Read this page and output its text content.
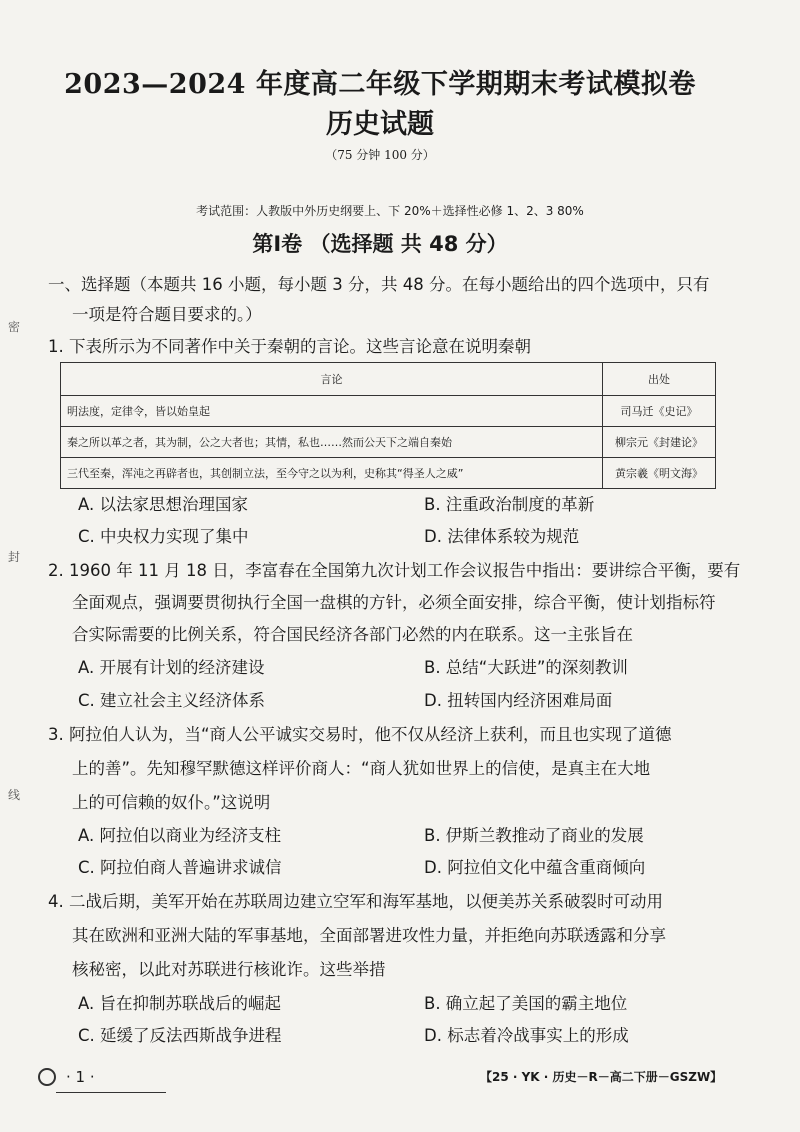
密
封
线
2023—2024 年度高二年级下学期期末考试模拟卷
历史试题
（75 分钟 100 分）
考试范围：人教版中外历史纲要上、下 20%＋选择性必修 1、2、3 80%
第Ⅰ卷 （选择题 共 48 分）
一、选择题（本题共 16 小题，每小题 3 分，共 48 分。在每小题给出的四个选项中，只有
一项是符合题目要求的。）
1. 下表所示为不同著作中关于秦朝的言论。这些言论意在说明秦朝
言论	出处
明法度，定律令，皆以始皇起	司马迁《史记》
秦之所以革之者，其为制，公之大者也；其情，私也……然而公天下之端自秦始	柳宗元《封建论》
三代至秦，浑沌之再辟者也，其创制立法，至今守之以为利，史称其“得圣人之威”	黄宗羲《明文海》
A. 以法家思想治理国家	B. 注重政治制度的革新
C. 中央权力实现了集中	D. 法律体系较为规范
2. 1960 年 11 月 18 日，李富春在全国第九次计划工作会议报告中指出：要讲综合平衡，要有
全面观点，强调要贯彻执行全国一盘棋的方针，必须全面安排，综合平衡，使计划指标符
合实际需要的比例关系，符合国民经济各部门必然的内在联系。这一主张旨在
A. 开展有计划的经济建设	B. 总结“大跃进”的深刻教训
C. 建立社会主义经济体系	D. 扭转国内经济困难局面
3. 阿拉伯人认为，当“商人公平诚实交易时，他不仅从经济上获利，而且也实现了道德
上的善”。先知穆罕默德这样评价商人：“商人犹如世界上的信使，是真主在大地
上的可信赖的奴仆。”这说明
A. 阿拉伯以商业为经济支柱	B. 伊斯兰教推动了商业的发展
C. 阿拉伯商人普遍讲求诚信	D. 阿拉伯文化中蕴含重商倾向
4. 二战后期，美军开始在苏联周边建立空军和海军基地，以便美苏关系破裂时可动用
其在欧洲和亚洲大陆的军事基地，全面部署进攻性力量，并拒绝向苏联透露和分享
核秘密，以此对苏联进行核讹诈。这些举措
A. 旨在抑制苏联战后的崛起	B. 确立起了美国的霸主地位
C. 延缓了反法西斯战争进程	D. 标志着冷战事实上的形成
· 1 ·	【25 · YK · 历史－R－高二下册－GSZW】
